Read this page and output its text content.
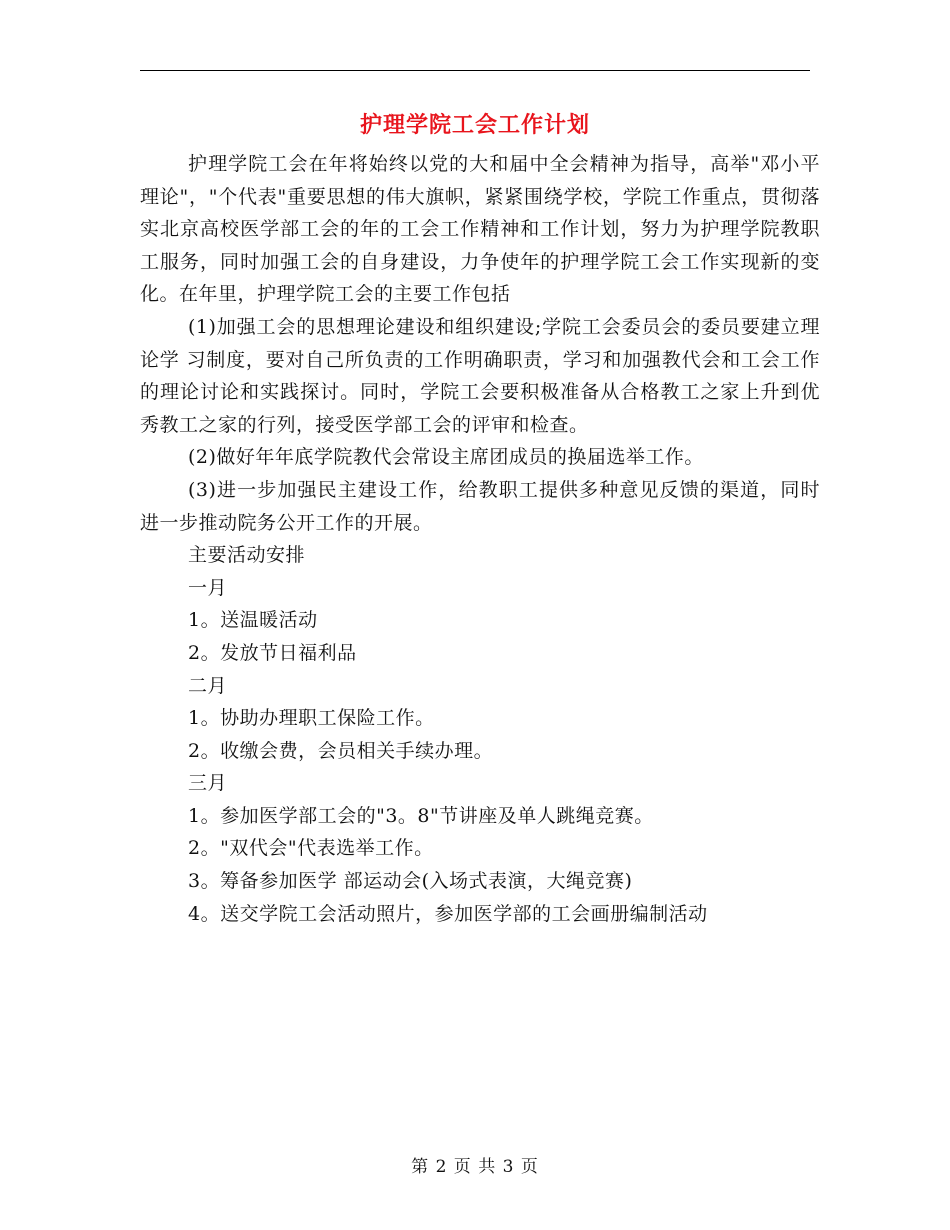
护理学院工会工作计划

护理学院工会在年将始终以党的大和届中全会精神为指导，高举"邓小平理论"，"个代表"重要思想的伟大旗帜，紧紧围绕学校，学院工作重点，贯彻落实北京高校医学部工会的年的工会工作精神和工作计划，努力为护理学院教职工服务，同时加强工会的自身建设，力争使年的护理学院工会工作实现新的变化。在年里，护理学院工会的主要工作包括

(1)加强工会的思想理论建设和组织建设;学院工会委员会的委员要建立理论学 习制度，要对自己所负责的工作明确职责，学习和加强教代会和工会工作的理论讨论和实践探讨。同时，学院工会要积极准备从合格教工之家上升到优秀教工之家的行列，接受医学部工会的评审和检查。

(2)做好年年底学院教代会常设主席团成员的换届选举工作。

(3)进一步加强民主建设工作，给教职工提供多种意见反馈的渠道，同时进一步推动院务公开工作的开展。

主要活动安排

一月

1。送温暖活动

2。发放节日福利品

二月

1。协助办理职工保险工作。

2。收缴会费，会员相关手续办理。

三月

1。参加医学部工会的"3。8"节讲座及单人跳绳竞赛。

2。"双代会"代表选举工作。

3。筹备参加医学 部运动会(入场式表演，大绳竞赛)

4。送交学院工会活动照片，参加医学部的工会画册编制活动

第 2 页 共 3 页
